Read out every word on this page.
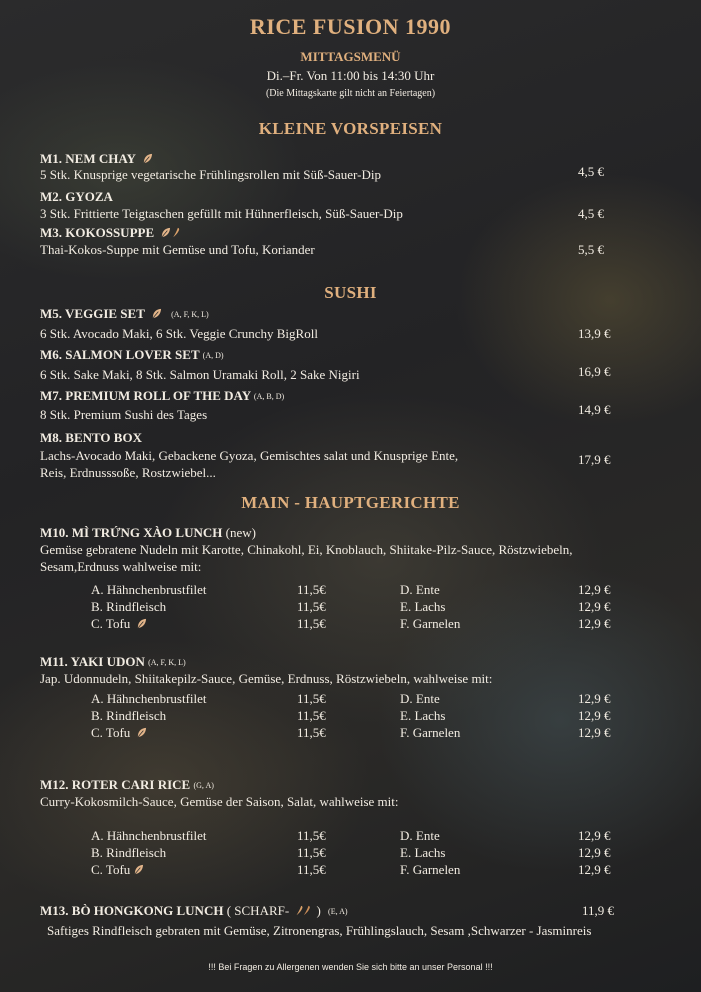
RICE FUSION 1990
MITTAGSMENÜ
Di.–Fr. Von 11:00 bis 14:30 Uhr
(Die Mittagskarte gilt nicht an Feiertagen)
KLEINE VORSPEISEN
M1. NEM CHAY
5 Stk. Knusprige vegetarische Frühlingsrollen mit Süß-Sauer-Dip	4,5 €
M2. GYOZA
3 Stk. Frittierte Teigtaschen gefüllt mit Hühnerfleisch, Süß-Sauer-Dip	4,5 €
M3. KOKOSSUPPE
Thai-Kokos-Suppe mit Gemüse und Tofu, Koriander	5,5 €
SUSHI
M5. VEGGIE SET	(A, F, K, L)
6 Stk. Avocado Maki, 6 Stk. Veggie Crunchy BigRoll	13,9 €
M6. SALMON LOVER SET (A, D)
6 Stk. Sake Maki, 8 Stk. Salmon Uramaki Roll, 2 Sake Nigiri	16,9 €
M7. PREMIUM ROLL OF THE DAY (A, B, D)
8 Stk. Premium Sushi des Tages	14,9 €
M8. BENTO BOX
Lachs-Avocado Maki, Gebackene Gyoza, Gemischtes salat und Knusprige Ente,
Reis, Erdnusssoße, Rostzwiebel...
17,9 €
MAIN - HAUPTGERICHTE
M10. MÌ TRỨNG XÀO LUNCH (new)
Gemüse gebratene Nudeln mit Karotte, Chinakohl, Ei, Knoblauch, Shiitake-Pilz-Sauce, Röstzwiebeln,
Sesam,Erdnuss wahlweise mit:
A. Hähnchenbrustfilet	11,5€	D. Ente	12,9 €
B. Rindfleisch	11,5€	E. Lachs	12,9 €
C. Tofu	11,5€	F. Garnelen	12,9 €
M11. YAKI UDON (A, F, K, L)
Jap. Udonnudeln, Shiitakepilz-Sauce, Gemüse, Erdnuss, Röstzwiebeln, wahlweise mit:
A. Hähnchenbrustfilet	11,5€	D. Ente	12,9 €
B. Rindfleisch	11,5€	E. Lachs	12,9 €
C. Tofu	11,5€	F. Garnelen	12,9 €
M12. ROTER CARI RICE (G, A)
Curry-Kokosmilch-Sauce, Gemüse der Saison, Salat, wahlweise mit:
A. Hähnchenbrustfilet	11,5€	D. Ente	12,9 €
B. Rindfleisch	11,5€	E. Lachs	12,9 €
C. Tofu	11,5€	F. Garnelen	12,9 €
M13. BÒ HONGKONG LUNCH ( SCHARF- ) (E, A)	11,9 €
Saftiges Rindfleisch gebraten mit Gemüse, Zitronengras, Frühlingslauch, Sesam ,Schwarzer - Jasminreis
!!! Bei Fragen zu Allergenen wenden Sie sich bitte an unser Personal !!!
